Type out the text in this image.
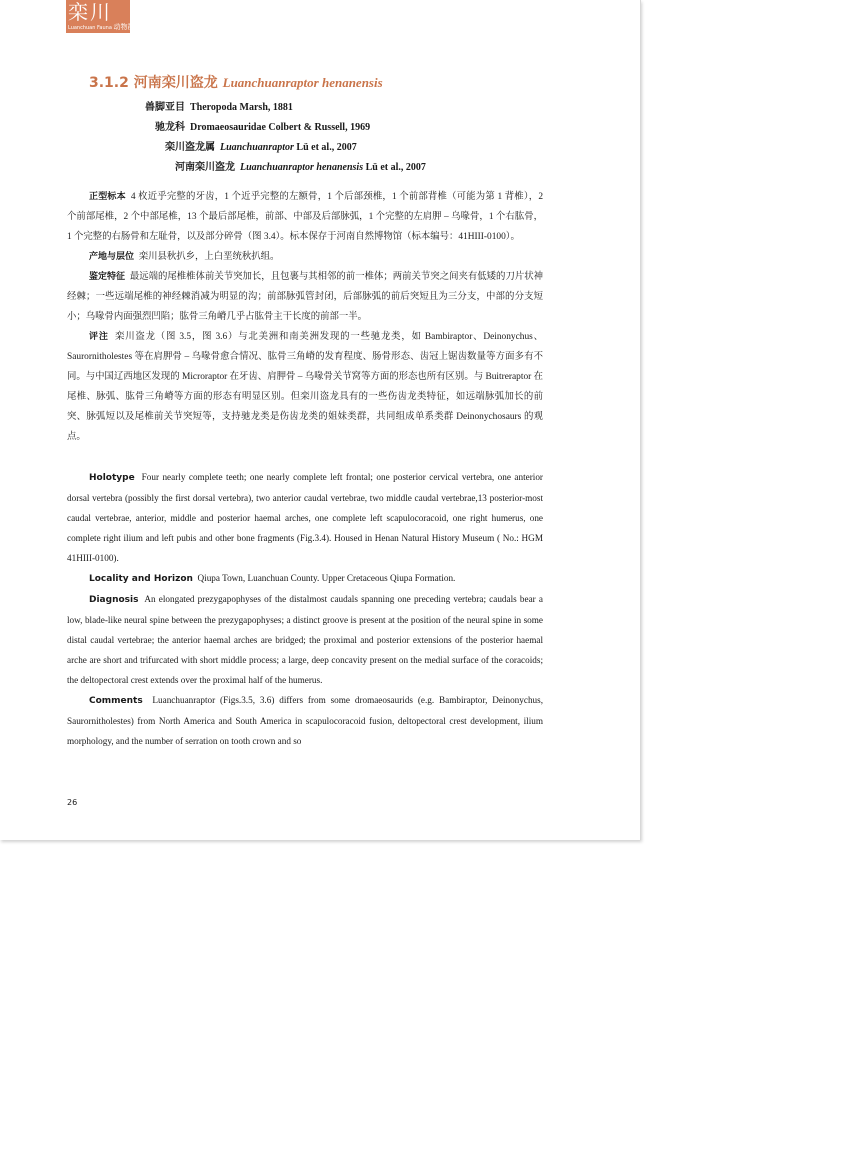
栾川
Luanchuan Fauna 动物群
3.1.2 河南栾川盗龙 Luanchuanraptor henanensis
兽脚亚目 Theropoda Marsh, 1881
驰龙科 Dromaeosauridae Colbert & Russell, 1969
栾川盗龙属 Luanchuanraptor Lü et al., 2007
河南栾川盗龙 Luanchuanraptor henanensis Lü et al., 2007

正型标本 4 枚近乎完整的牙齿，1 个近乎完整的左额骨，1 个后部颈椎，1 个前部背椎（可能为第 1 背椎），2 个前部尾椎，2 个中部尾椎，13 个最后部尾椎，前部、中部及后部脉弧，1 个完整的左肩胛 – 乌喙骨，1 个右肱骨，1 个完整的右肠骨和左耻骨，以及部分碎骨（图 3.4）。标本保存于河南自然博物馆（标本编号：41HIII-0100）。

产地与层位 栾川县秋扒乡，上白垩统秋扒组。

鉴定特征 最远端的尾椎椎体前关节突加长，且包裹与其相邻的前一椎体；两前关节突之间夹有低矮的刀片状神经棘；一些远端尾椎的神经棘消减为明显的沟；前部脉弧管封闭，后部脉弧的前后突短且为三分支，中部的分支短小；乌喙骨内面强烈凹陷；肱骨三角嵴几乎占肱骨主干长度的前部一半。

评注 栾川盗龙（图 3.5，图 3.6）与北美洲和南美洲发现的一些驰龙类，如 Bambiraptor、Deinonychus、Saurornitholestes 等在肩胛骨 – 乌喙骨愈合情况、肱骨三角嵴的发育程度、肠骨形态、齿冠上锯齿数量等方面多有不同。与中国辽西地区发现的 Microraptor 在牙齿、肩胛骨 – 乌喙骨关节窝等方面的形态也所有区别。与 Buitreraptor 在尾椎、脉弧、肱骨三角嵴等方面的形态有明显区别。但栾川盗龙具有的一些伤齿龙类特征，如远端脉弧加长的前突、脉弧短以及尾椎前关节突短等，支持驰龙类是伤齿龙类的姐妹类群，共同组成单系类群 Deinonychosaurs 的观点。

Holotype Four nearly complete teeth; one nearly complete left frontal; one posterior cervical vertebra, one anterior dorsal vertebra (possibly the first dorsal vertebra), two anterior caudal vertebrae, two middle caudal vertebrae,13 posterior-most caudal vertebrae, anterior, middle and posterior haemal arches, one complete left scapulocoracoid, one right humerus, one complete right ilium and left pubis and other bone fragments (Fig.3.4). Housed in Henan Natural History Museum ( No.: HGM 41HIII-0100).

Locality and Horizon Qiupa Town, Luanchuan County. Upper Cretaceous Qiupa Formation.

Diagnosis An elongated prezygapophyses of the distalmost caudals spanning one preceding vertebra; caudals bear a low, blade-like neural spine between the prezygapophyses; a distinct groove is present at the position of the neural spine in some distal caudal vertebrae; the anterior haemal arches are bridged; the proximal and posterior extensions of the posterior haemal arche are short and trifurcated with short middle process; a large, deep concavity present on the medial surface of the coracoids; the deltopectoral crest extends over the proximal half of the humerus.

Comments Luanchuanraptor (Figs.3.5, 3.6) differs from some dromaeosaurids (e.g. Bambiraptor, Deinonychus, Saurornitholestes) from North America and South America in scapulocoracoid fusion, deltopectoral crest development, ilium morphology, and the number of serration on tooth crown and so

26
